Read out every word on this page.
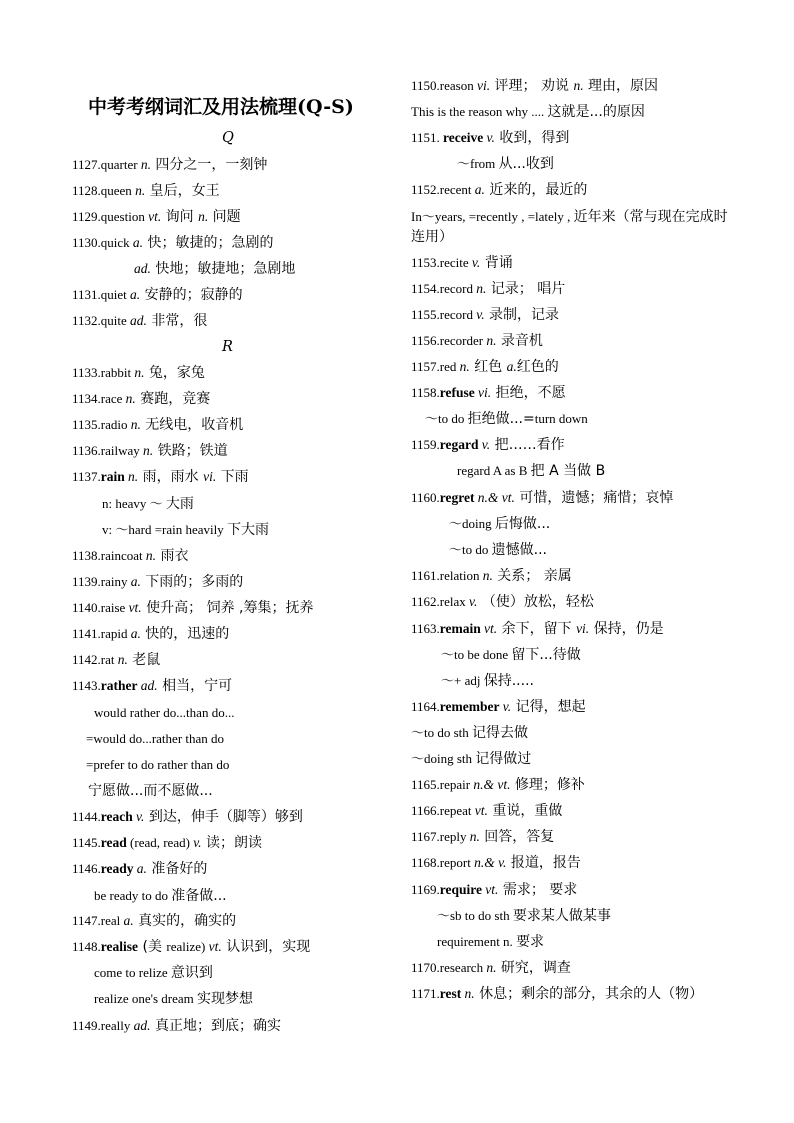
中考考纲词汇及用法梳理(Q-S)
Q
R
1127.quarter n. 四分之一，一刻钟
1128.queen n. 皇后，女王
1129.question vt. 询问 n. 问题
1130.quick a. 快；敏捷的；急剧的
ad. 快地；敏捷地；急剧地
1131.quiet a. 安静的；寂静的
1132.quite ad. 非常，很
1133.rabbit n. 兔，家兔
1134.race n. 赛跑，竞赛
1135.radio n. 无线电，收音机
1136.railway n. 铁路；铁道
1137.rain n. 雨，雨水 vi. 下雨
n: heavy ～ 大雨
v: ～hard =rain heavily 下大雨
1138.raincoat n. 雨衣
1139.rainy a. 下雨的；多雨的
1140.raise vt. 使升高； 饲养 ,筹集；抚养
1141.rapid a. 快的，迅速的
1142.rat n. 老鼠
1143.rather ad. 相当，宁可
would rather do...than do...
=would do...rather than do
=prefer to do rather than do
宁愿做...而不愿做...
1144.reach v. 到达，伸手（脚等）够到
1145.read (read, read) v. 读；朗读
1146.ready a. 准备好的
be ready to do 准备做...
1147.real a. 真实的，确实的
1148.realise (美 realize) vt. 认识到，实现
come to relize 意识到
realize one's dream 实现梦想
1149.really ad. 真正地；到底；确实
1150.reason vi. 评理； 劝说 n. 理由，原因
This is the reason why .... 这就是...的原因
1151. receive v. 收到，得到
～from 从...收到
1152.recent a. 近来的，最近的
In～years, =recently , =lately , 近年来（常与现在完成时连用）
1153.recite v. 背诵
1154.record n. 记录； 唱片
1155.record v. 录制，记录
1156.recorder n. 录音机
1157.red n. 红色 a.红色的
1158.refuse vi. 拒绝，不愿
～to do 拒绝做...=turn down
1159.regard v. 把……看作
regard A as B 把 A 当做 B
1160.regret n.& vt. 可惜，遗憾；痛惜；哀悼
～doing 后悔做...
～to do 遗憾做...
1161.relation n. 关系； 亲属
1162.relax v. （使）放松，轻松
1163.remain vt. 余下，留下 vi. 保持，仍是
～to be done 留下...待做
～+ adj 保持.....
1164.remember v. 记得，想起
～to do sth 记得去做
～doing sth 记得做过
1165.repair n.& vt. 修理；修补
1166.repeat vt. 重说，重做
1167.reply n. 回答，答复
1168.report n.& v. 报道，报告
1169.require vt. 需求； 要求
～sb to do sth 要求某人做某事
requirement n. 要求
1170.research n. 研究，调查
1171.rest n. 休息；剩余的部分，其余的人（物）
